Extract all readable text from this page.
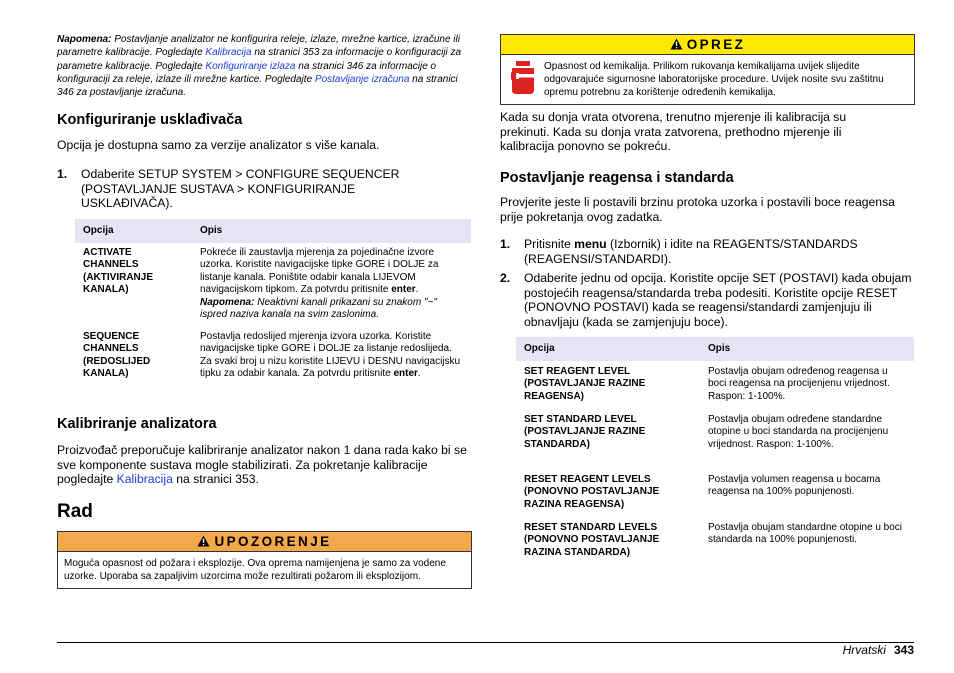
Napomena: Postavljanje analizator ne konfigurira releje, izlaze, mrežne kartice, izračune ili parametre kalibracije. Pogledajte Kalibracija na stranici 353 za informacije o konfiguraciji za parametre kalibracije. Pogledajte Konfiguriranje izlaza na stranici 346 za informacije o konfiguraciji za releje, izlaze ili mrežne kartice. Pogledajte Postavljanje izračuna na stranici 346 za postavljanje izračuna.
Konfiguriranje usklađivača

Opcija je dostupna samo za verzije analizator s više kanala.

1. Odaberite SETUP SYSTEM > CONFIGURE SEQUENCER (POSTAVLJANJE SUSTAVA > KONFIGURIRANJE USKLAĐIVAČA).
Opcija	Opis
ACTIVATE CHANNELS (AKTIVIRANJE KANALA)	Pokreće ili zaustavlja mjerenja za pojedinačne izvore uzorka. Koristite navigacijske tipke GORE i DOLJE za listanje kanala. Poništite odabir kanala LIJEVOM navigacijskom tipkom. Za potvrdu pritisnite enter.
Napomena: Neaktivni kanali prikazani su znakom "~" ispred naziva kanala na svim zaslonima.
SEQUENCE CHANNELS (REDOSLIJED KANALA)	Postavlja redoslijed mjerenja izvora uzorka. Koristite navigacijske tipke GORE i DOLJE za listanje redoslijeda. Za svaki broj u nizu koristite LIJEVU i DESNU navigacijsku tipku za odabir kanala. Za potvrdu pritisnite enter.
Kalibriranje analizatora

Proizvođač preporučuje kalibriranje analizator nakon 1 dana rada kako bi se sve komponente sustava mogle stabilizirati. Za pokretanje kalibracije pogledajte Kalibracija na stranici 353.

Rad
UPOZORENJE
Moguća opasnost od požara i eksplozije. Ova oprema namijenjena je samo za vodene uzorke. Uporaba sa zapaljivim uzorcima može rezultirati požarom ili eksplozijom.
OPREZ
Opasnost od kemikalija. Prilikom rukovanja kemikalijama uvijek slijedite odgovarajuće sigurnosne laboratorijske procedure. Uvijek nosite svu zaštitnu opremu potrebnu za korištenje određenih kemikalija.

Kada su donja vrata otvorena, trenutno mjerenje ili kalibracija su prekinuti. Kada su donja vrata zatvorena, prethodno mjerenje ili kalibracija ponovno se pokreću.

Postavljanje reagensa i standarda

Provjerite jeste li postavili brzinu protoka uzorka i postavili boce reagensa prije pokretanja ovog zadatka.

1. Pritisnite menu (Izbornik) i idite na REAGENTS/STANDARDS (REAGENSI/STANDARDI).
2. Odaberite jednu od opcija. Koristite opcije SET (POSTAVI) kada obujam postojećih reagensa/standarda treba podesiti. Koristite opcije RESET (PONOVNO POSTAVI) kada se reagensi/standardi zamjenjuju ili obnavljaju (kada se zamjenjuju boce).
Opcija	Opis
SET REAGENT LEVEL (POSTAVLJANJE RAZINE REAGENSA)	Postavlja obujam određenog reagensa u boci reagensa na procijenjenu vrijednost. Raspon: 1-100%.
SET STANDARD LEVEL (POSTAVLJANJE RAZINE STANDARDA)	Postavlja obujam određene standardne otopine u boci standarda na procijenjenu vrijednost. Raspon: 1-100%.
RESET REAGENT LEVELS (PONOVNO POSTAVLJANJE RAZINA REAGENSA)	Postavlja volumen reagensa u bocama reagensa na 100% popunjenosti.
RESET STANDARD LEVELS (PONOVNO POSTAVLJANJE RAZINA STANDARDA)	Postavlja obujam standardne otopine u boci standarda na 100% popunjenosti.
Hrvatski 343
